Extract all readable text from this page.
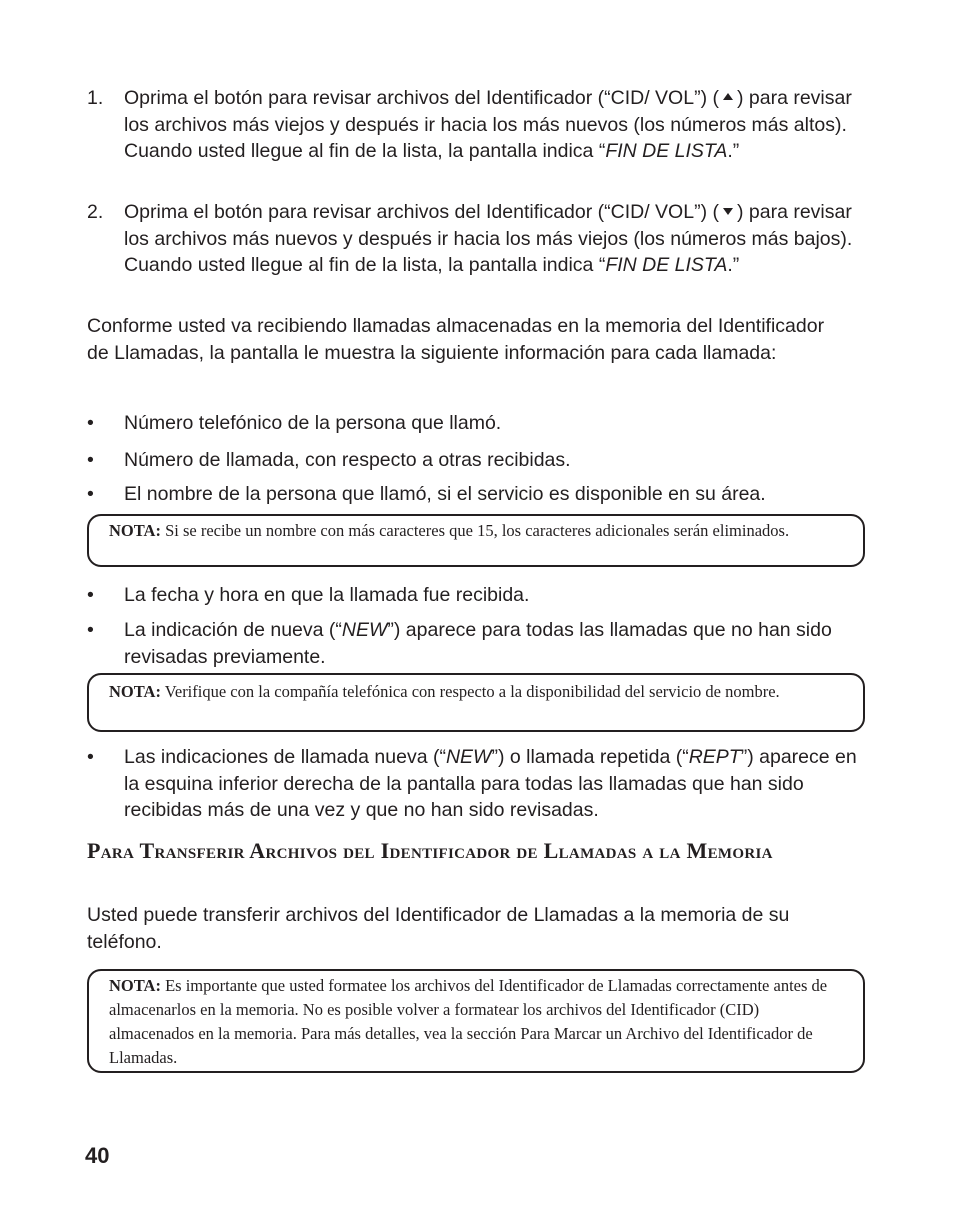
1. Oprima el botón para revisar archivos del Identificador (“CID/ VOL”) ( ) para revisar los archivos más viejos y después ir hacia los más nuevos (los números más altos). Cuando usted llegue al fin de la lista, la pantalla indica “FIN DE LISTA.”
2. Oprima el botón para revisar archivos del Identificador (“CID/ VOL”) ( ) para revisar los archivos más nuevos y después ir hacia los más viejos (los números más bajos). Cuando usted llegue al fin de la lista, la pantalla indica “FIN DE LISTA.”

Conforme usted va recibiendo llamadas almacenadas en la memoria del Identificador de Llamadas, la pantalla le muestra la siguiente información para cada llamada:

• Número telefónico de la persona que llamó.
• Número de llamada, con respecto a otras recibidas.
• El nombre de la persona que llamó, si el servicio es disponible en su área.
NOTA: Si se recibe un nombre con más caracteres que 15, los caracteres adicionales serán eliminados.
• La fecha y hora en que la llamada fue recibida.
• La indicación de nueva (“NEW”) aparece para todas las llamadas que no han sido revisadas previamente.
NOTA: Verifique con la compañía telefónica con respecto a la disponibilidad del servicio de nombre.
• Las indicaciones de llamada nueva (“NEW”) o llamada repetida (“REPT”) aparece en la esquina inferior derecha de la pantalla para todas las llamadas que han sido recibidas más de una vez y que no han sido revisadas.
Para Transferir Archivos del Identificador de Llamadas a la Memoria

Usted puede transferir archivos del Identificador de Llamadas a la memoria de su teléfono.

NOTA: Es importante que usted formatee los archivos del Identificador de Llamadas correctamente antes de almacenarlos en la memoria. No es posible volver a formatear los archivos del Identificador (CID) almacenados en la memoria. Para más detalles, vea la sección Para Marcar un Archivo del Identificador de Llamadas.
40
